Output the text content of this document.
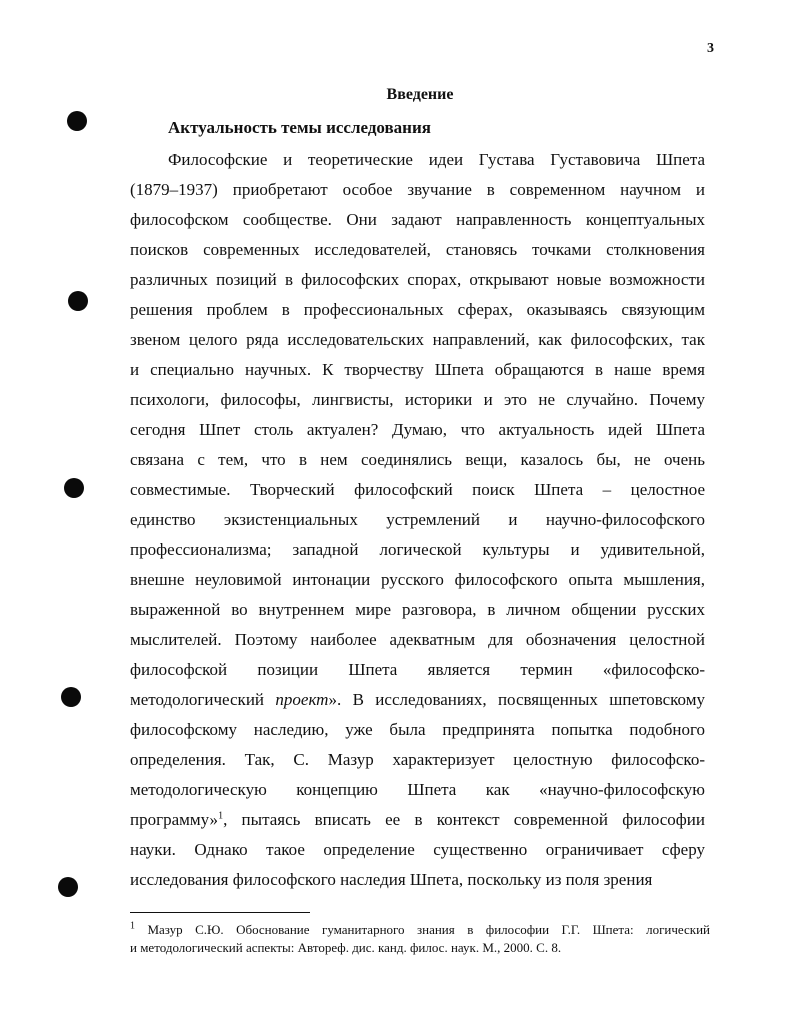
3
Введение
Актуальность темы исследования
Философские и теоретические идеи Густава Густавовича Шпета
(1879–1937) приобретают особое звучание в современном научном и
философском сообществе. Они задают направленность концептуальных
поисков современных исследователей, становясь точками столкновения
различных позиций в философских спорах, открывают новые возможности
решения проблем в профессиональных сферах, оказываясь связующим
звеном целого ряда исследовательских направлений, как философских, так
и специально научных. К творчеству Шпета обращаются в наше время
психологи, философы, лингвисты, историки и это не случайно. Почему
сегодня Шпет столь актуален? Думаю, что актуальность идей Шпета
связана с тем, что в нем соединялись вещи, казалось бы, не очень
совместимые. Творческий философский поиск Шпета – целостное
единство экзистенциальных устремлений и научно-философского
профессионализма; западной логической культуры и удивительной,
внешне неуловимой интонации русского философского опыта мышления,
выраженной во внутреннем мире разговора, в личном общении русских
мыслителей. Поэтому наиболее адекватным для обозначения целостной
философской позиции Шпета является термин «философско-
методологический проект». В исследованиях, посвященных шпетовскому
философскому наследию, уже была предпринята попытка подобного
определения. Так, С. Мазур характеризует целостную философско-
методологическую концепцию Шпета как «научно-философскую
программу»$^1$, пытаясь вписать ее в контекст современной философии
науки. Однако такое определение существенно ограничивает сферу
исследования философского наследия Шпета, поскольку из поля зрения
$^1$ Мазур С.Ю. Обоснование гуманитарного знания в философии Г.Г. Шпета: логический
и методологический аспекты: Автореф. дис. канд. филос. наук. М., 2000. С. 8.
